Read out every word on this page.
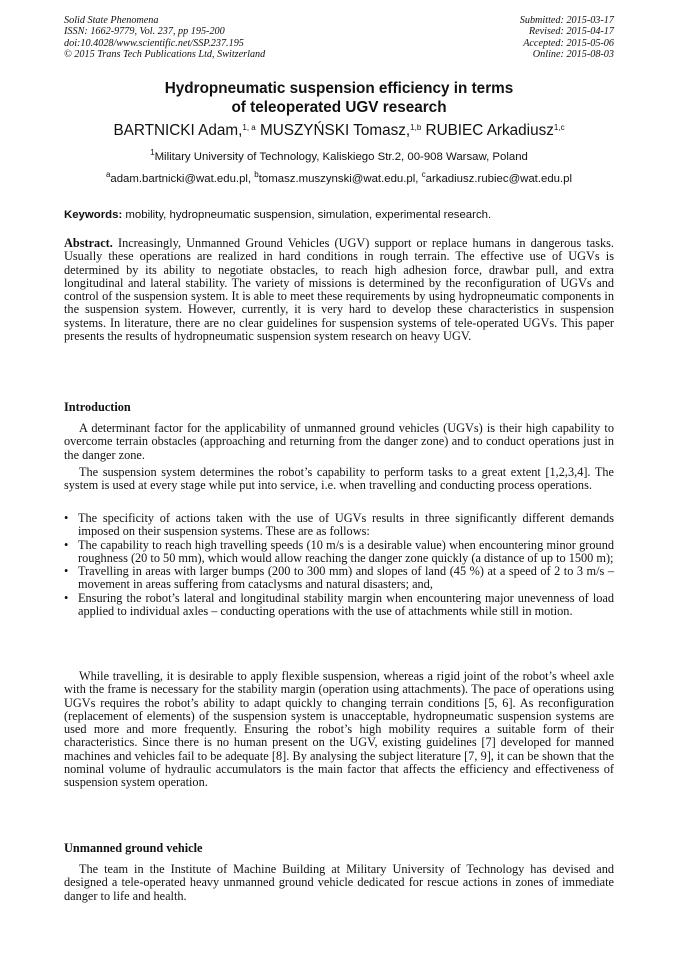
Solid State Phenomena
ISSN: 1662-9779, Vol. 237, pp 195-200
doi:10.4028/www.scientific.net/SSP.237.195
© 2015 Trans Tech Publications Ltd, Switzerland
Submitted: 2015-03-17
Revised: 2015-04-17
Accepted: 2015-05-06
Online: 2015-08-03
Hydropneumatic suspension efficiency in terms
of teleoperated UGV research
BARTNICKI Adam,$^{1, a}$ MUSZYŃSKI Tomasz,$^{1,b}$ RUBIEC Arkadiusz$^{1,c}$
$^1$Military University of Technology, Kaliskiego Str.2, 00-908 Warsaw, Poland
$^a$adam.bartnicki@wat.edu.pl, $^b$tomasz.muszynski@wat.edu.pl, $^c$arkadiusz.rubiec@wat.edu.pl
Keywords: mobility, hydropneumatic suspension, simulation, experimental research.
Abstract. Increasingly, Unmanned Ground Vehicles (UGV) support or replace humans in dangerous tasks. Usually these operations are realized in hard conditions in rough terrain. The effective use of UGVs is determined by its ability to negotiate obstacles, to reach high adhesion force, drawbar pull, and extra longitudinal and lateral stability. The variety of missions is determined by the reconfiguration of UGVs and control of the suspension system. It is able to meet these requirements by using hydropneumatic components in the suspension system. However, currently, it is very hard to develop these characteristics in suspension systems. In literature, there are no clear guidelines for suspension systems of tele-operated UGVs. This paper presents the results of hydropneumatic suspension system research on heavy UGV.
Introduction
A determinant factor for the applicability of unmanned ground vehicles (UGVs) is their high capability to overcome terrain obstacles (approaching and returning from the danger zone) and to conduct operations just in the danger zone.
The suspension system determines the robot’s capability to perform tasks to a great extent [1,2,3,4]. The system is used at every stage while put into service, i.e. when travelling and conducting process operations.
• The specificity of actions taken with the use of UGVs results in three significantly different demands imposed on their suspension systems. These are as follows:
• The capability to reach high travelling speeds (10 m/s is a desirable value) when encountering minor ground roughness (20 to 50 mm), which would allow reaching the danger zone quickly (a distance of up to 1500 m);
• Travelling in areas with larger bumps (200 to 300 mm) and slopes of land (45 %) at a speed of 2 to 3 m/s – movement in areas suffering from cataclysms and natural disasters; and,
• Ensuring the robot’s lateral and longitudinal stability margin when encountering major unevenness of load applied to individual axles – conducting operations with the use of attachments while still in motion.
While travelling, it is desirable to apply flexible suspension, whereas a rigid joint of the robot’s wheel axle with the frame is necessary for the stability margin (operation using attachments). The pace of operations using UGVs requires the robot’s ability to adapt quickly to changing terrain conditions [5, 6]. As reconfiguration (replacement of elements) of the suspension system is unacceptable, hydropneumatic suspension systems are used more and more frequently. Ensuring the robot’s high mobility requires a suitable form of their characteristics. Since there is no human present on the UGV, existing guidelines [7] developed for manned machines and vehicles fail to be adequate [8]. By analysing the subject literature [7, 9], it can be shown that the nominal volume of hydraulic accumulators is the main factor that affects the efficiency and effectiveness of suspension system operation.
Unmanned ground vehicle
The team in the Institute of Machine Building at Military University of Technology has devised and designed a tele-operated heavy unmanned ground vehicle dedicated for rescue actions in zones of immediate danger to life and health.
